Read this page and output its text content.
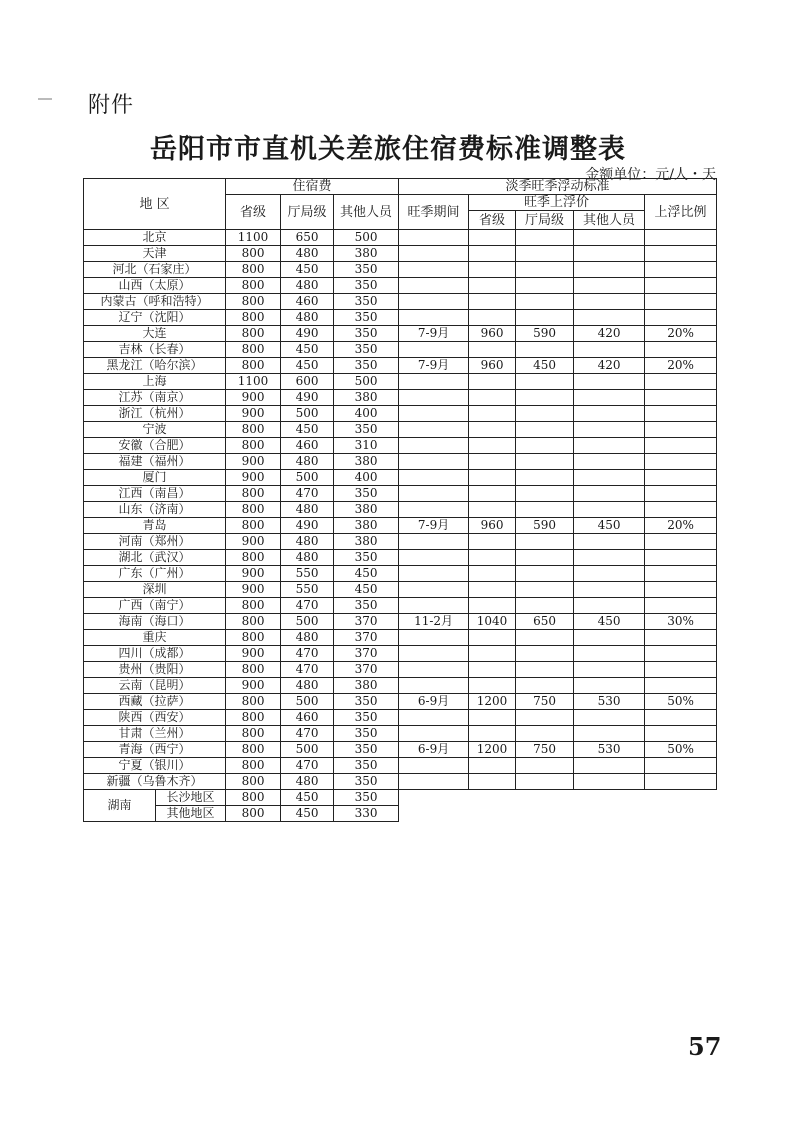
附件
岳阳市市直机关差旅住宿费标准调整表
金额单位：元/人・天
地 区		住宿费			淡季旺季浮动标准				
		省级	厅局级	其他人员	旺季期间	旺季上浮价			上浮比例
						省级	厅局级	其他人员	
北京		1100	650	500					
天津		800	480	380					
河北（石家庄）		800	450	350					
山西（太原）		800	480	350					
内蒙古（呼和浩特）		800	460	350					
辽宁（沈阳）		800	480	350					
大连		800	490	350	7-9月	960	590	420	20%
吉林（长春）		800	450	350					
黑龙江（哈尔滨）		800	450	350	7-9月	960	450	420	20%
上海		1100	600	500					
江苏（南京）		900	490	380					
浙江（杭州）		900	500	400					
宁波		800	450	350					
安徽（合肥）		800	460	310					
福建（福州）		900	480	380					
厦门		900	500	400					
江西（南昌）		800	470	350					
山东（济南）		800	480	380					
青岛		800	490	380	7-9月	960	590	450	20%
河南（郑州）		900	480	380					
湖北（武汉）		800	480	350					
广东（广州）		900	550	450					
深圳		900	550	450					
广西（南宁）		800	470	350					
海南（海口）		800	500	370	11-2月	1040	650	450	30%
重庆		800	480	370					
四川（成都）		900	470	370					
贵州（贵阳）		800	470	370					
云南（昆明）		900	480	380					
西藏（拉萨）		800	500	350	6-9月	1200	750	530	50%
陕西（西安）		800	460	350					
甘肃（兰州）		800	470	350					
青海（西宁）		800	500	350	6-9月	1200	750	530	50%
宁夏（银川）		800	470	350					
新疆（乌鲁木齐）		800	480	350					
湖南	长沙地区	800	450	350					
	其他地区	800	450	330					
57
